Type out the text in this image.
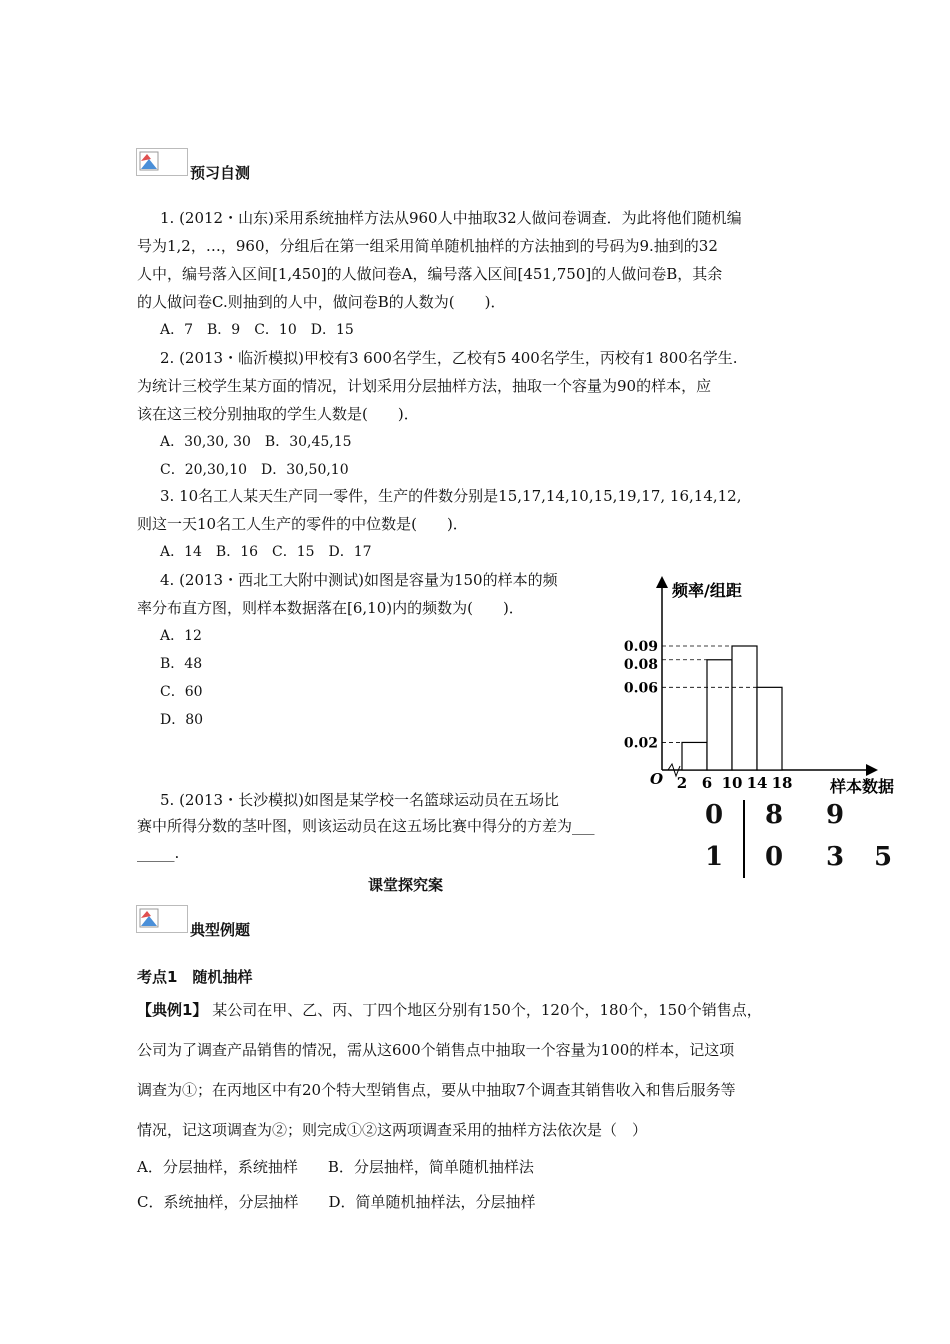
预习自测
1. (2012・山东)采用系统抽样方法从960人中抽取32人做问卷调查．为此将他们随机编
号为1,2，…，960，分组后在第一组采用简单随机抽样的方法抽到的号码为9.抽到的32
人中，编号落入区间[1,450]的人做问卷A，编号落入区间[451,750]的人做问卷B，其余
的人做问卷C.则抽到的人中，做问卷B的人数为(　　)．
A．7　B．9　C．10　D．15
2. (2013・临沂模拟)甲校有3 600名学生，乙校有5 400名学生，丙校有1 800名学生.
为统计三校学生某方面的情况，计划采用分层抽样方法，抽取一个容量为90的样本，应
该在这三校分别抽取的学生人数是(　　)．
A．30,30, 30　B．30,45,15
C．20,30,10　D．30,50,10
3. 10名工人某天生产同一零件，生产的件数分别是15,17,14,10,15,19,17, 16,14,12,
则这一天10名工人生产的零件的中位数是(　　)．
A．14　B．16　C．15　D．17
4. (2013・西北工大附中测试)如图是容量为150的样本的频
率分布直方图，则样本数据落在[6,10)内的频数为(　　)．
A．12
B．48
C．60
D．80
频率/组距
样本数据
O
0.02
0.06
0.08
0.09
2 6 10 14 18
5. (2013・长沙模拟)如图是某学校一名篮球运动员在五场比
赛中所得分数的茎叶图，则该运动员在这五场比赛中得分的方差为___
_____.
0 8 9
1 0 3 5
课堂探究案
典型例题
考点1　随机抽样
【典例1】 某公司在甲、乙、丙、丁四个地区分别有150个，120个，180个，150个销售点，
公司为了调查产品销售的情况，需从这600个销售点中抽取一个容量为100的样本，记这项
调查为①；在丙地区中有20个特大型销售点，要从中抽取7个调查其销售收入和售后服务等
情况，记这项调查为②；则完成①②这两项调查采用的抽样方法依次是（　）
A．分层抽样，系统抽样　　B．分层抽样，简单随机抽样法
C．系统抽样，分层抽样　　D．简单随机抽样法，分层抽样
